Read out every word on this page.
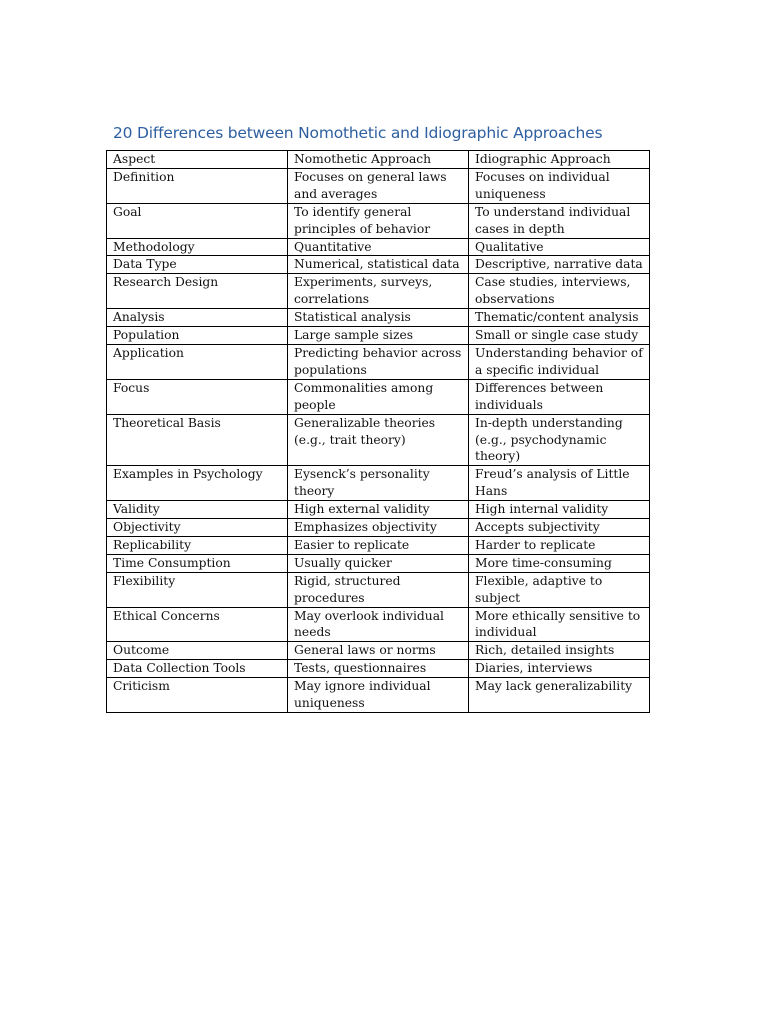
20 Differences between Nomothetic and Idiographic Approaches
Aspect	Nomothetic Approach	Idiographic Approach
Definition	Focuses on general laws and averages	Focuses on individual uniqueness
Goal	To identify general principles of behavior	To understand individual cases in depth
Methodology	Quantitative	Qualitative
Data Type	Numerical, statistical data	Descriptive, narrative data
Research Design	Experiments, surveys, correlations	Case studies, interviews, observations
Analysis	Statistical analysis	Thematic/content analysis
Population	Large sample sizes	Small or single case study
Application	Predicting behavior across populations	Understanding behavior of a specific individual
Focus	Commonalities among people	Differences between individuals
Theoretical Basis	Generalizable theories (e.g., trait theory)	In-depth understanding (e.g., psychodynamic theory)
Examples in Psychology	Eysenck’s personality theory	Freud’s analysis of Little Hans
Validity	High external validity	High internal validity
Objectivity	Emphasizes objectivity	Accepts subjectivity
Replicability	Easier to replicate	Harder to replicate
Time Consumption	Usually quicker	More time-consuming
Flexibility	Rigid, structured procedures	Flexible, adaptive to subject
Ethical Concerns	May overlook individual needs	More ethically sensitive to individual
Outcome	General laws or norms	Rich, detailed insights
Data Collection Tools	Tests, questionnaires	Diaries, interviews
Criticism	May ignore individual uniqueness	May lack generalizability
